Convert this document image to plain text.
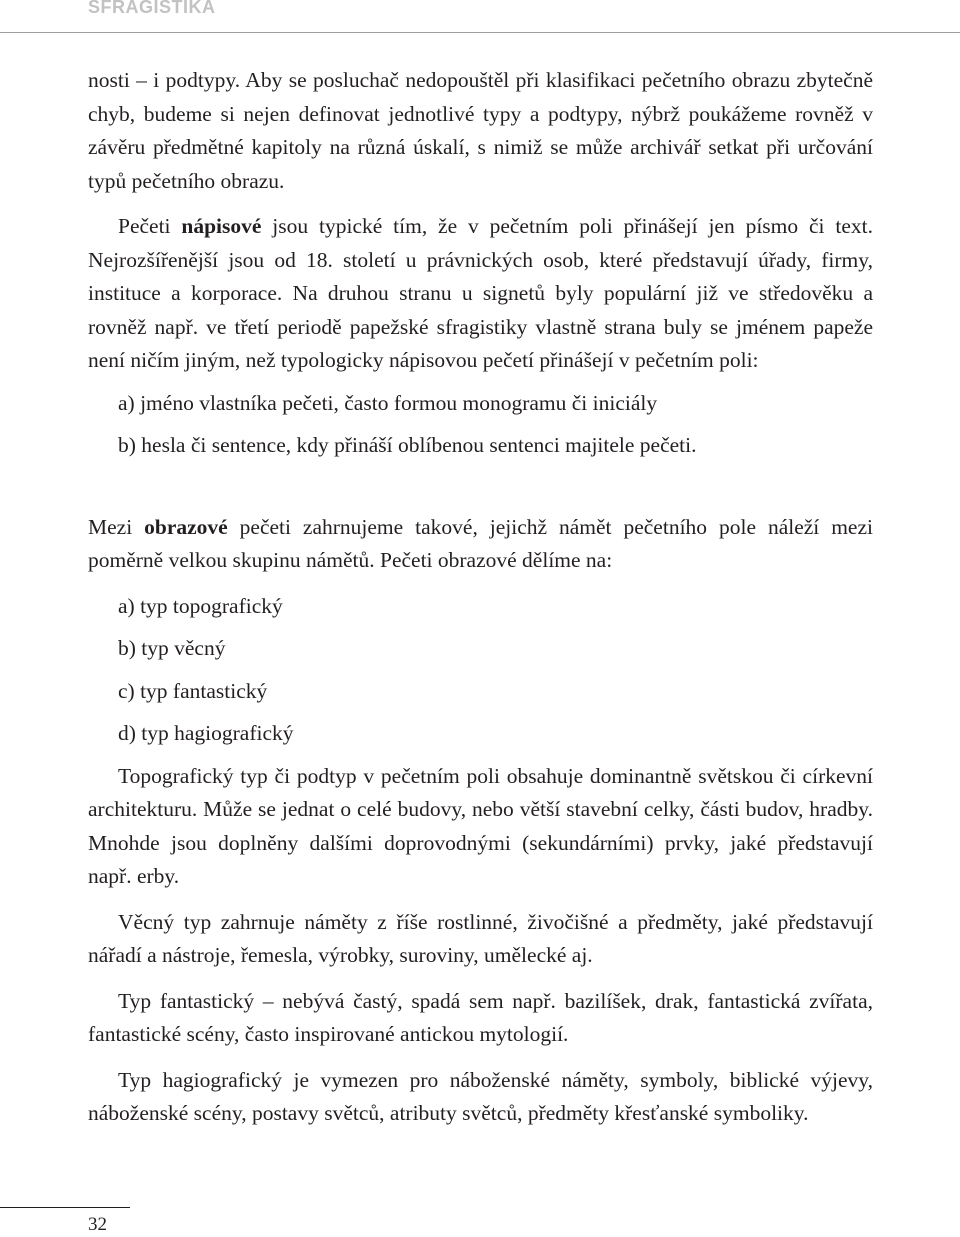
SFRAGISTIKA

nosti – i podtypy. Aby se posluchač nedopouštěl při klasifikaci pečetního obrazu zbytečně chyb, budeme si nejen definovat jednotlivé typy a podtypy, nýbrž poukážeme rovněž v závěru předmětné kapitoly na různá úskalí, s nimiž se může archivář setkat při určování typů pečetního obrazu.

Pečeti nápisové jsou typické tím, že v pečetním poli přinášejí jen písmo či text. Nejrozšířenější jsou od 18. století u právnických osob, které představují úřady, firmy, instituce a korporace. Na druhou stranu u signetů byly populární již ve středověku a rovněž např. ve třetí periodě papežské sfragistiky vlastně strana buly se jménem papeže není ničím jiným, než typologicky nápisovou pečetí přinášejí v pečetním poli:

a) jméno vlastníka pečeti, často formou monogramu či iniciály

b) hesla či sentence, kdy přináší oblíbenou sentenci majitele pečeti.

Mezi obrazové pečeti zahrnujeme takové, jejichž námět pečetního pole náleží mezi poměrně velkou skupinu námětů. Pečeti obrazové dělíme na:

a) typ topografický

b) typ věcný

c) typ fantastický

d) typ hagiografický

Topografický typ či podtyp v pečetním poli obsahuje dominantně světskou či církevní architekturu. Může se jednat o celé budovy, nebo větší stavební celky, části budov, hradby. Mnohde jsou doplněny dalšími doprovodnými (sekundárními) prvky, jaké představují např. erby.

Věcný typ zahrnuje náměty z říše rostlinné, živočišné a předměty, jaké představují nářadí a nástroje, řemesla, výrobky, suroviny, umělecké aj.

Typ fantastický – nebývá častý, spadá sem např. bazilíšek, drak, fantastická zvířata, fantastické scény, často inspirované antickou mytologií.

Typ hagiografický je vymezen pro náboženské náměty, symboly, biblické výjevy, náboženské scény, postavy světců, atributy světců, předměty křesťanské symboliky.

32
